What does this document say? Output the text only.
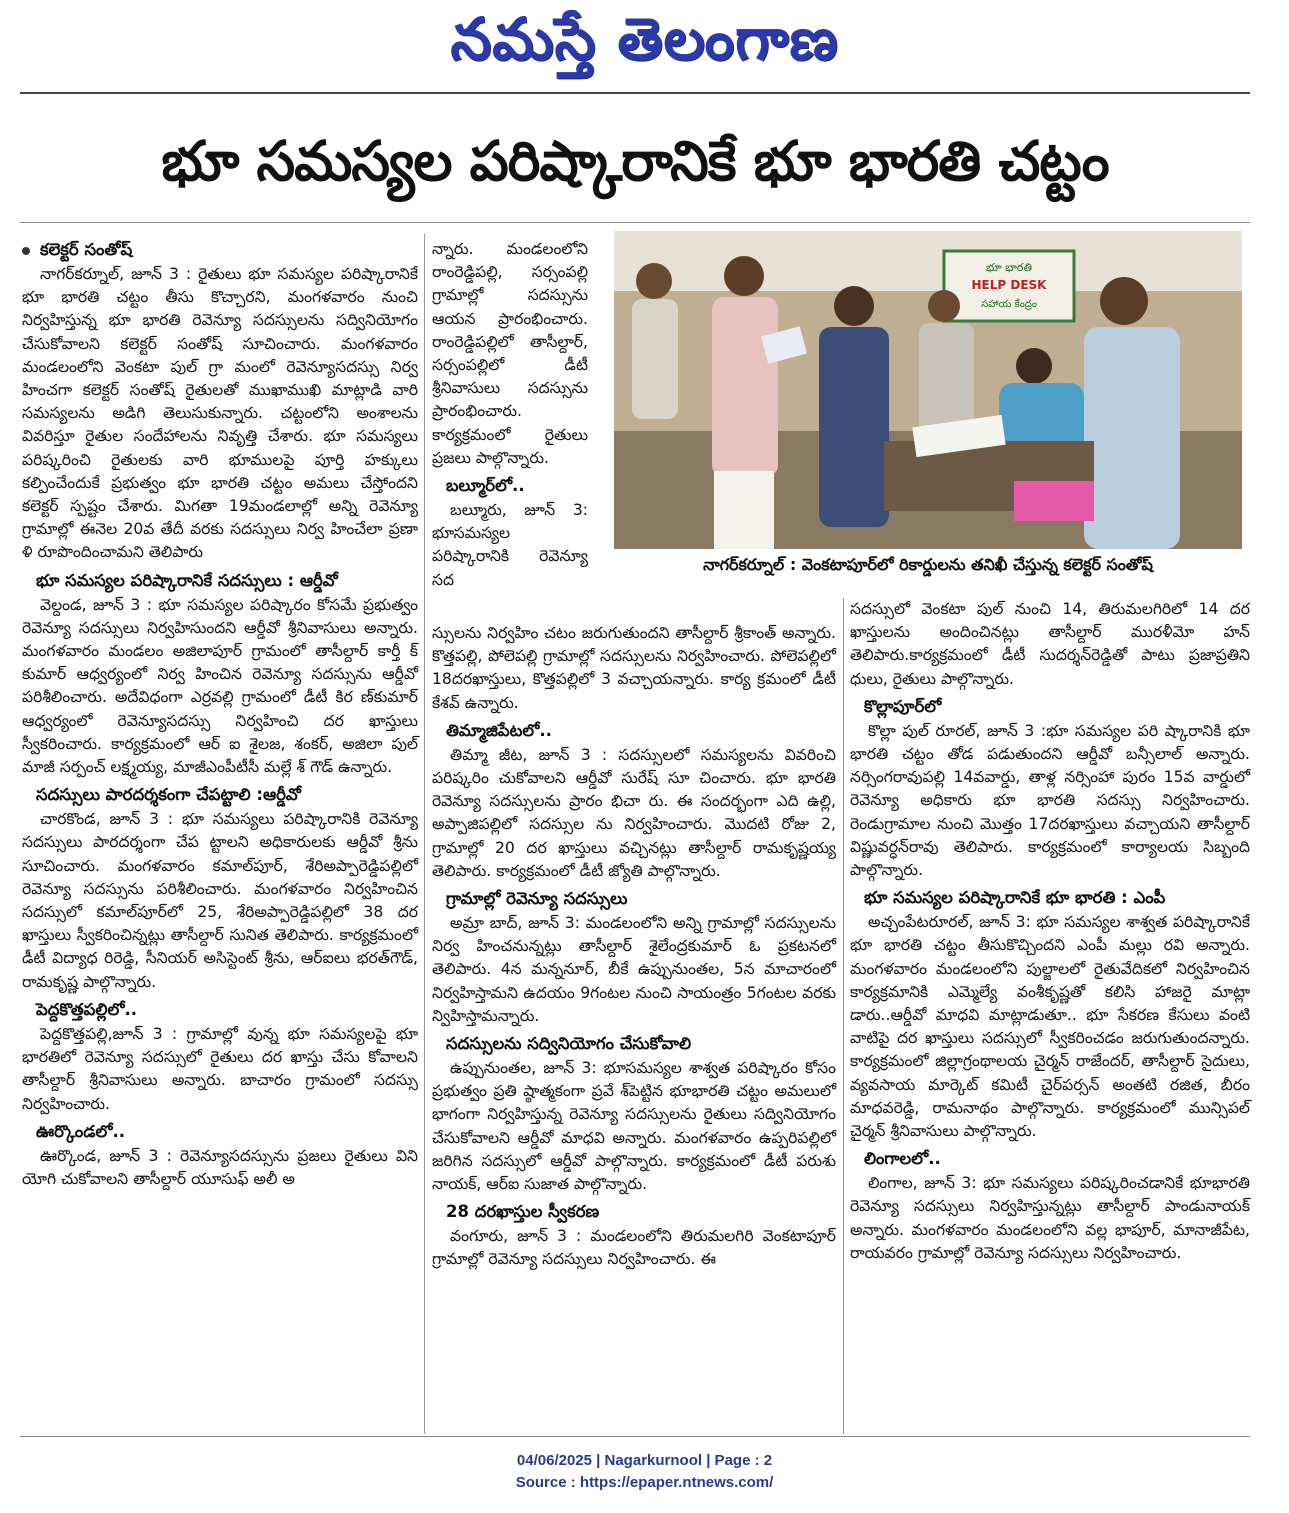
నమస్తే తెలంగాణ
భూ సమస్యల పరిష్కారానికే భూ భారతి చట్టం
కలెక్టర్ సంతోష్

నాగర్‌కర్నూల్, జూన్ 3 : రైతులు భూ సమస్యల పరిష్కారానికే భూ భారతి చట్టం తీసు కొచ్చారని, మంగళవారం నుంచి నిర్వహిస్తున్న భూ భారతి రెవెన్యూ సదస్సులను సద్వినియోగం చేసుకోవాలని కలెక్టర్ సంతోష్ సూచించారు. మంగళవారం మండలంలోని వెంకటా పుల్ గ్రా మంలో రెవెన్యూసదస్సు నిర్వ హించగా కలెక్టర్ సంతోష్ రైతులతో ముఖాముఖి మాట్లాడి వారి సమస్యలను అడిగి తెలుసుకున్నారు. చట్టంలోని అంశాలను వివరిస్తూ రైతుల సందేహాలను నివృత్తి చేశారు. భూ సమస్యలు పరిష్కరించి రైతులకు వారి భూములపై పూర్తి హక్కులు కల్పించేందుకే ప్రభుత్వం భూ భారతి చట్టం అమలు చేస్తోందని కలెక్టర్ స్పష్టం చేశారు. మిగతా 19మండలాల్లో అన్ని రెవెన్యూ గ్రామాల్లో ఈనెల 20వ తేదీ వరకు సదస్సులు నిర్వ హించేలా ప్రణా ళి రూపొందించామని తెలిపారు

భూ సమస్యల పరిష్కారానికే సదస్సులు : ఆర్డీవో

వెల్దండ, జూన్ 3 : భూ సమస్యల పరిష్కారం కోసమే ప్రభుత్వం రెవెన్యూ సదస్సులు నిర్వహిసుందని ఆర్డీవో శ్రీనివాసులు అన్నారు. మంగళవారం మండలం అజిలాపూర్ గ్రామంలో తాసీల్దార్ కార్తీ క్ కుమార్ ఆధ్వర్యంలో నిర్వ హించిన రెవెన్యూ సదస్సును ఆర్డీవో పరిశీలించారు. అదేవిధంగా ఎర్రవల్లి గ్రామంలో డీటీ కిర ణ్‌కుమార్ ఆధ్వర్యంలో రెవెన్యూసదస్సు నిర్వహించి దర ఖాస్తులు స్వీకరించారు. కార్యక్రమంలో ఆర్ ఐ శైలజ, శంకర్, అజిలా పుల్ మాజీ సర్పంచ్ లక్ష్మయ్య, మాజీఎంపీటీసీ మల్లే శ్ గౌడ్ ఉన్నారు.

సదస్సులు పారదర్శకంగా చేపట్టాలి :ఆర్డీవో

చారకొండ, జూన్ 3 : భూ సమస్యలు పరిష్కారానికి రెవెన్యూ సదస్సులు పారదర్శంగా చేప ట్టాలని అధికారులకు ఆర్డీవో శ్రీను సూచించారు. మంగళవారం కమాల్‌పూర్, శేరిఅప్పారెడ్డిపల్లిలో రెవెన్యూ సదస్సును పరిశీలించారు. మంగళవారం నిర్వహించిన సదస్సులో కమాల్‌పూర్‌లో 25, శేరిఅప్పారెడ్డిపల్లిలో 38 దర ఖాస్తులు స్వీకరించిన్నట్లు తాసీల్దార్ సునిత తెలిపారు. కార్యక్రమంలో డీటీ విద్యాధ రిరెడ్డి, సీనియర్ అసిస్టెంట్ శ్రీను, ఆర్ఐలు భరత్‌గౌడ్, రామకృష్ణ పాల్గొన్నారు.

పెద్దకొత్తపల్లిలో..

పెద్దకొత్తపల్లి,జూన్ 3 : గ్రామాల్లో వున్న భూ సమస్యలపై భూ భారతిలో రెవెన్యూ సదస్సులో రైతులు దర ఖాస్తు చేసు కోవాలని తాసీల్దార్ శ్రీనివాసులు అన్నారు. బాచారం గ్రామంలో సదస్సు నిర్వహించారు.

ఊర్కొండలో..

ఊర్కొండ, జూన్ 3 : రెవెన్యూసదస్సును ప్రజలు రైతులు విని యోగి చుకోవాలని తాసీల్దార్ యూసుఫ్ అలీ అ

న్నారు. మండలంలోని రాంరెడ్డిపల్లి, సర్సంపల్లి గ్రామాల్లో సదస్సును ఆయన ప్రారంభించారు. రాంరెడ్డిపల్లిలో తాసీల్దార్, సర్సంపల్లిలో డీటీ శ్రీనివాసులు సదస్సును ప్రారంభించారు. కార్యక్రమంలో రైతులు ప్రజలు పాల్గొన్నారు.

బల్మూర్‌లో..

బల్మూరు, జూన్ 3: భూసమస్యల పరిష్కారానికి రెవెన్యూ సద

భూ భారతి
HELP DESK
సహాయ కేంద్రం
నాగర్‌కర్నూల్ : వెంకటాపూర్‌లో రికార్డులను తనిఖీ చేస్తున్న కలెక్టర్ సంతోష్

స్సులను నిర్వహిం చటం జరుగుతుందని తాసీల్దార్ శ్రీకాంత్ అన్నారు. కొత్తపల్లి, పోలెపల్లి గ్రామాల్లో సదస్సులను నిర్వహించారు. పోలెపల్లిలో 18దరఖాస్తులు, కొత్తపల్లిలో 3 వచ్చాయన్నారు. కార్య క్రమంలో డీటీ కేశవ్ ఉన్నారు.

తిమ్మాజిపేటలో..

తిమ్మా జీట, జూన్ 3 : సదస్సులలో సమస్యలను వివరించి పరిష్కరిం చుకోవాలని ఆర్డీవో సురేష్ సూ చించారు. భూ భారతి రెవెన్యూ సదస్సులను ప్రారం భిచా రు. ఈ సందర్భంగా ఎది ఉల్లి, అప్పాజిపల్లిలో సదస్సుల ను నిర్వహించారు. మొదటి రోజు 2, గ్రామాల్లో 20 దర ఖాస్తులు వచ్చినట్లు తాసీల్దార్ రామకృష్ణయ్య తెలిపారు. కార్యక్రమంలో డీటీ జ్యోతి పాల్గొన్నారు.

గ్రామాల్లో రెవెన్యూ సదస్సులు

అమ్రా బాద్, జూన్ 3: మండలంలోని అన్ని గ్రామాల్లో సదస్సులను నిర్వ హించనున్నట్లు తాసీల్దార్ శైలేంద్రకుమార్ ఓ ప్రకటనలో తెలిపారు. 4న మన్ననూర్, బీకే ఉప్పునుంతల, 5న మాచారంలో నిర్వహిస్తామని ఉదయం 9గంటల నుంచి సాయంత్రం 5గంటల వరకు న్విహిస్తామన్నారు.

సదస్సులను సద్వినియోగం చేసుకోవాలి

ఉప్పునుంతల, జూన్ 3: భూసమస్యల శాశ్వత పరిష్కారం కోసం ప్రభుత్వం ప్రతి ష్ఠాత్మకంగా ప్రవే శ్‌పెట్టిన భూభారతి చట్టం అమలులో భాగంగా నిర్వహిస్తున్న రెవెన్యూ సదస్సులను రైతులు సద్వినియోగం చేసుకోవాలని ఆర్డీవో మాధవి అన్నారు. మంగళవారం ఉప్పరిపల్లిలో జరిగిన సదస్సులో ఆర్డీవో పాల్గొన్నారు. కార్యక్రమంలో డీటీ పరుశు నాయక్, ఆర్ఐ సుజాత పాల్గొన్నారు.

28 దరఖాస్తుల స్వీకరణ

వంగూరు, జూన్ 3 : మండలంలోని తిరుమలగిరి వెంకటాపూర్ గ్రామాల్లో రెవెన్యూ సదస్సులు నిర్వహించారు. ఈ

సదస్సులో వెంకటా పుల్ నుంచి 14, తిరుమలగిరిలో 14 దర ఖాస్తులను అందించినట్లు తాసీల్దార్ మురళీమో హన్ తెలిపారు.కార్యక్రమంలో డీటీ సుదర్శన్‌రెడ్డితో పాటు ప్రజాప్రతిని ధులు, రైతులు పాల్గొన్నారు.

కొల్లాపూర్‌లో

కొల్లా పుల్ రూరల్, జూన్ 3 :భూ సమస్యల పరి ష్కారానికి భూ భారతి చట్టం తోడ పడుతుందని ఆర్డీవో బన్సీలాల్ అన్నారు. నర్సింగరావుపల్లి 14వవార్డు, తాళ్ల నర్సింహా పురం 15వ వార్డులో రెవెన్యూ అధికారు భూ భారతి సదస్సు నిర్వహించారు. రెండుగ్రామాల నుంచి మొత్తం 17దరఖాస్తులు వచ్చాయని తాసీల్దార్ విష్ణువర్ధన్‌రావు తెలిపారు. కార్యక్రమంలో కార్యాలయ సిబ్బంది పాల్గొన్నారు.

భూ సమస్యల పరిష్కారానికే భూ భారతి : ఎంపీ

అచ్చంపేటరూరల్, జూన్ 3: భూ సమస్యల శాశ్వత పరిష్కారానికే భూ భారతి చట్టం తీసుకొచ్చిందని ఎంపీ మల్లు రవి అన్నారు. మంగళవారం మండలంలోని పుల్జాలలో రైతువేదికలో నిర్వహించిన కార్యక్రమానికి ఎమ్మెల్యే వంశీకృష్ణతో కలిసి హాజరై మాట్లా డారు..ఆర్డీవో మాధవి మాట్లాడుతూ.. భూ సేకరణ కేసులు వంటి వాటిపై దర ఖాస్తులు సదస్సులో స్వీకరించడం జరుగుతుందన్నారు. కార్యక్రమంలో జిల్లాగ్రంథాలయ చైర్మన్ రాజేందర్, తాసీల్దార్ సైదులు, వ్యవసాయ మార్కెట్ కమిటీ చైర్‌పర్సన్ అంతటి రజిత, బీరం మాధవరెడ్డి, రామనాథం పాల్గొన్నారు. కార్యక్రమంలో మున్సిపల్ చైర్మన్ శ్రీనివాసులు పాల్గొన్నారు.

లింగాలలో..

లింగాల, జూన్ 3: భూ సమస్యలు పరిష్కరించడానికే భూభారతి రెవెన్యూ సదస్సులు నిర్వహిస్తున్నట్లు తాసీల్దార్ పాండునాయక్ అన్నారు. మంగళవారం మండలంలోని వల్ల భాపూర్, మానాజీపేట, రాయవరం గ్రామాల్లో రెవెన్యూ సదస్సులు నిర్వహించారు.

04/06/2025 | Nagarkurnool | Page : 2
Source : https://epaper.ntnews.com/
